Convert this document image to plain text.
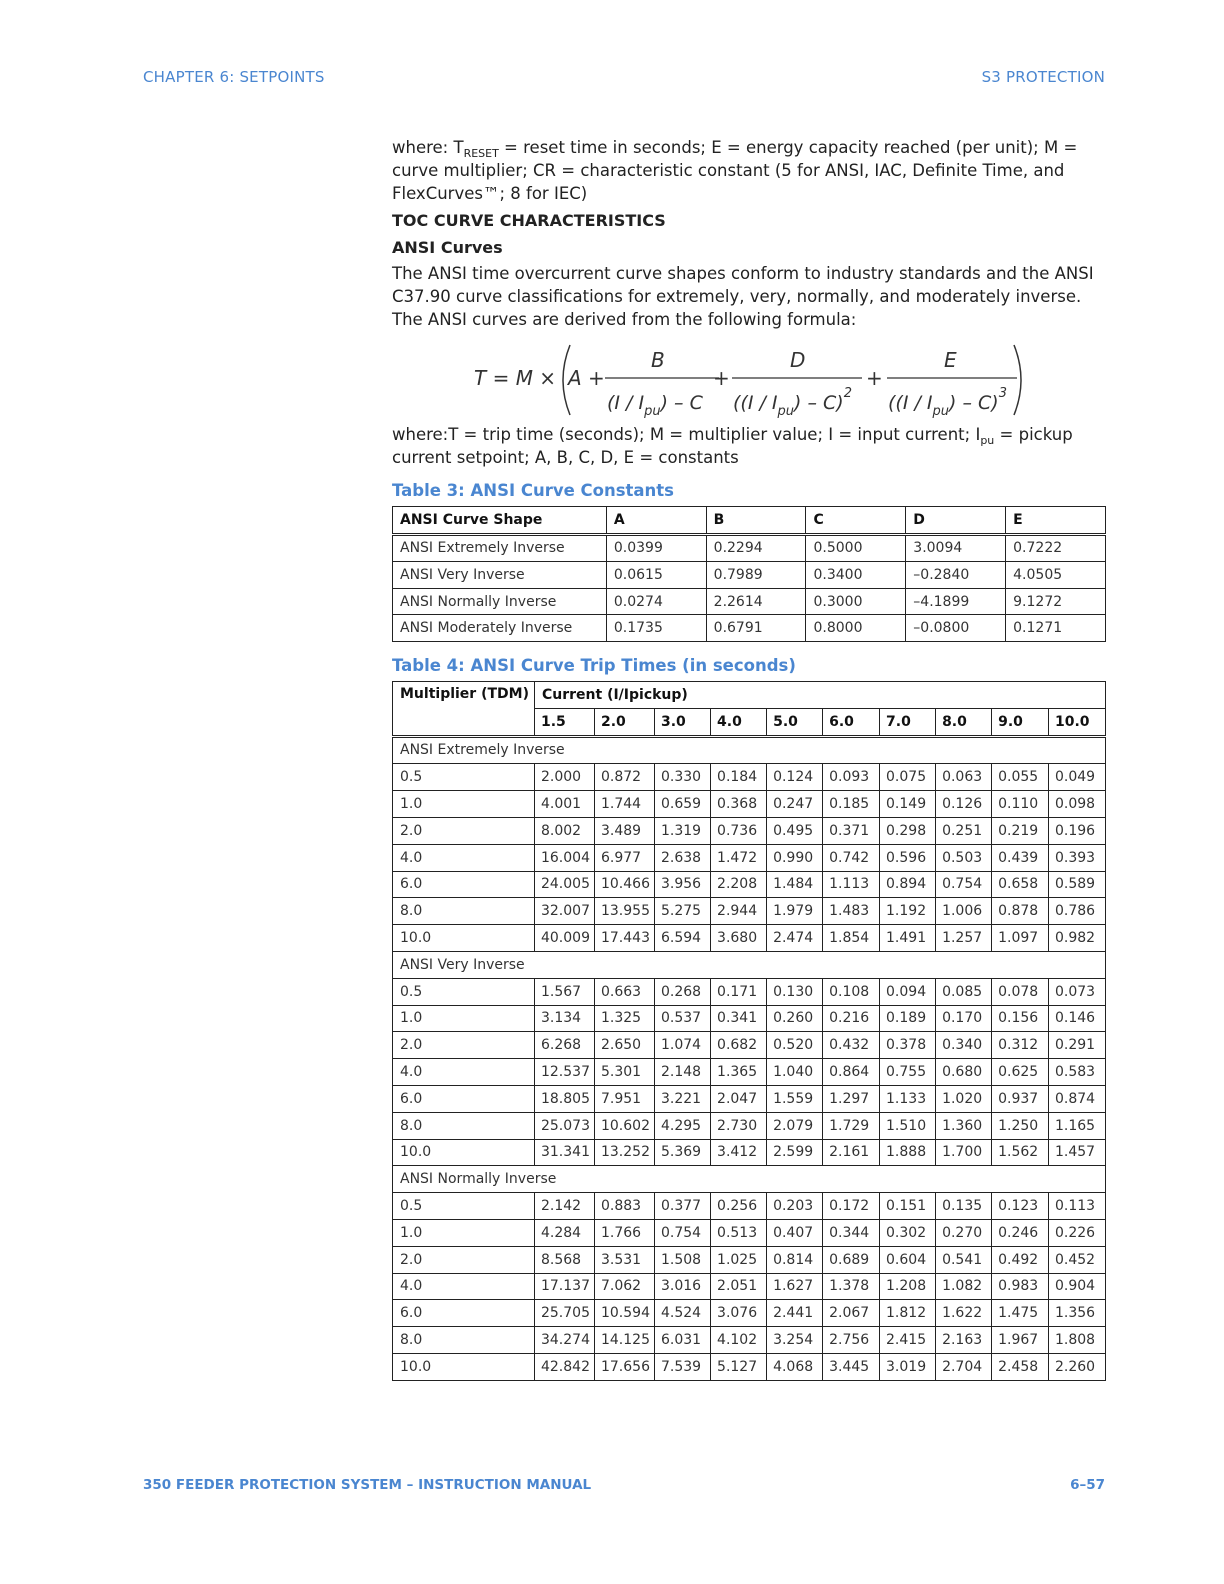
CHAPTER 6: SETPOINTS	S3 PROTECTION

where: $T_{RESET}$ = reset time in seconds; E = energy capacity reached (per unit); M = curve multiplier; CR = characteristic constant (5 for ANSI, IAC, Definite Time, and FlexCurves™; 8 for IEC)

TOC CURVE CHARACTERISTICS

ANSI Curves

The ANSI time overcurrent curve shapes conform to industry standards and the ANSI C37.90 curve classifications for extremely, very, normally, and moderately inverse. The ANSI curves are derived from the following formula:

T = M × A +
B
$(I / I_{pu})$ – C
+
D
$((I / I_{pu}) - C)^2$
+
E
$((I / I_{pu}) - C)^3$

where:T = trip time (seconds); M = multiplier value; I = input current; $I_{pu}$ = pickup current setpoint; A, B, C, D, E = constants

Table 3: ANSI Curve Constants
ANSI Curve Shape	A	B	C	D	E
ANSI Extremely Inverse	0.0399	0.2294	0.5000	3.0094	0.7222
ANSI Very Inverse	0.0615	0.7989	0.3400	–0.2840	4.0505
ANSI Normally Inverse	0.0274	2.2614	0.3000	–4.1899	9.1272
ANSI Moderately Inverse	0.1735	0.6791	0.8000	–0.0800	0.1271
Table 4: ANSI Curve Trip Times (in seconds)
Multiplier (TDM)	Current (I/Ipickup)									
	1.5	2.0	3.0	4.0	5.0	6.0	7.0	8.0	9.0	10.0
ANSI Extremely Inverse										
0.5	2.000	0.872	0.330	0.184	0.124	0.093	0.075	0.063	0.055	0.049
1.0	4.001	1.744	0.659	0.368	0.247	0.185	0.149	0.126	0.110	0.098
2.0	8.002	3.489	1.319	0.736	0.495	0.371	0.298	0.251	0.219	0.196
4.0	16.004	6.977	2.638	1.472	0.990	0.742	0.596	0.503	0.439	0.393
6.0	24.005	10.466	3.956	2.208	1.484	1.113	0.894	0.754	0.658	0.589
8.0	32.007	13.955	5.275	2.944	1.979	1.483	1.192	1.006	0.878	0.786
10.0	40.009	17.443	6.594	3.680	2.474	1.854	1.491	1.257	1.097	0.982
ANSI Very Inverse										
0.5	1.567	0.663	0.268	0.171	0.130	0.108	0.094	0.085	0.078	0.073
1.0	3.134	1.325	0.537	0.341	0.260	0.216	0.189	0.170	0.156	0.146
2.0	6.268	2.650	1.074	0.682	0.520	0.432	0.378	0.340	0.312	0.291
4.0	12.537	5.301	2.148	1.365	1.040	0.864	0.755	0.680	0.625	0.583
6.0	18.805	7.951	3.221	2.047	1.559	1.297	1.133	1.020	0.937	0.874
8.0	25.073	10.602	4.295	2.730	2.079	1.729	1.510	1.360	1.250	1.165
10.0	31.341	13.252	5.369	3.412	2.599	2.161	1.888	1.700	1.562	1.457
ANSI Normally Inverse										
0.5	2.142	0.883	0.377	0.256	0.203	0.172	0.151	0.135	0.123	0.113
1.0	4.284	1.766	0.754	0.513	0.407	0.344	0.302	0.270	0.246	0.226
2.0	8.568	3.531	1.508	1.025	0.814	0.689	0.604	0.541	0.492	0.452
4.0	17.137	7.062	3.016	2.051	1.627	1.378	1.208	1.082	0.983	0.904
6.0	25.705	10.594	4.524	3.076	2.441	2.067	1.812	1.622	1.475	1.356
8.0	34.274	14.125	6.031	4.102	3.254	2.756	2.415	2.163	1.967	1.808
10.0	42.842	17.656	7.539	5.127	4.068	3.445	3.019	2.704	2.458	2.260
350 FEEDER PROTECTION SYSTEM – INSTRUCTION MANUAL	6–57
